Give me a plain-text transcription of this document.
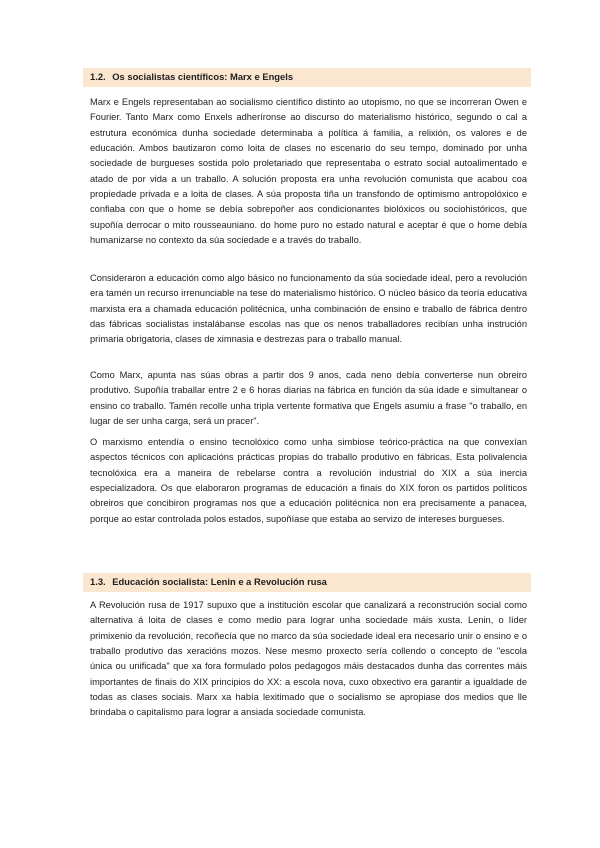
1.2. Os socialistas científicos: Marx e Engels

Marx e Engels representaban ao socialismo científico distinto ao utopismo, no que se incorreran Owen e Fourier. Tanto Marx como Enxels adheríronse ao discurso do materialismo histórico, segundo o cal a estrutura económica dunha sociedade determinaba a política á familia, a relixión, os valores e de educación. Ambos bautizaron como loita de clases no escenario do seu tempo, dominado por unha sociedade de burgueses sostida polo proletariado que representaba o estrato social autoalimentado e atado de por vida a un traballo. A solución proposta era unha revolución comunista que acabou coa propiedade privada e a loita de clases. A súa proposta tiña un transfondo de optimismo antropolóxico e confiaba con que o home se debía sobrepoñer aos condicionantes biolóxicos ou sociohistóricos, que supoñía derrocar o mito rousseauniano. do home puro no estado natural e aceptar é que o home debía humanizarse no contexto da súa sociedade e a través do traballo.

Consideraron a educación como algo básico no funcionamento da súa sociedade ideal, pero a revolución era tamén un recurso irrenunciable na tese do materialismo histórico. O núcleo básico da teoría educativa marxista era a chamada educación politécnica, unha combinación de ensino e traballo de fábrica dentro das fábricas socialistas instalábanse escolas nas que os nenos traballadores recibían unha instrución primaria obrigatoria, clases de ximnasia e destrezas para o traballo manual.

Como Marx, apunta nas súas obras a partir dos 9 anos, cada neno debía converterse nun obreiro produtivo. Supoñía traballar entre 2 e 6 horas diarias na fábrica en función da súa idade e simultanear o ensino co traballo. Tamén recolle unha tripla vertente formativa que Engels asumiu a frase "o traballo, en lugar de ser unha carga, será un pracer".

O marxismo entendía o ensino tecnolóxico como unha simbiose teórico-práctica na que convexían aspectos técnicos con aplicacións prácticas propias do traballo produtivo en fábricas. Esta polivalencia tecnolóxica era a maneira de rebelarse contra a revolución industrial do XIX a súa inercia especializadora. Os que elaboraron programas de educación a finais do XIX foron os partidos políticos obreiros que concibiron programas nos que a educación politécnica non era precisamente a panacea, porque ao estar controlada polos estados, supoñíase que estaba ao servizo de intereses burgueses.

1.3. Educación socialista: Lenin e a Revolución rusa

A Revolución rusa de 1917 supuxo que a institución escolar que canalizará a reconstrución social como alternativa á loita de clases e como medio para lograr unha sociedade máis xusta. Lenin, o líder primixenio da revolución, recoñecía que no marco da súa sociedade ideal era necesario unir o ensino e o traballo produtivo das xeracións mozos. Nese mesmo proxecto sería collendo o concepto de "escola única ou unificada" que xa fora formulado polos pedagogos máis destacados dunha das correntes máis importantes de finais do XIX principios do XX: a escola nova, cuxo obxectivo era garantir a igualdade de todas as clases sociais. Marx xa había lexitimado que o socialismo se apropiase dos medios que lle brindaba o capitalismo para lograr a ansiada sociedade comunista.
